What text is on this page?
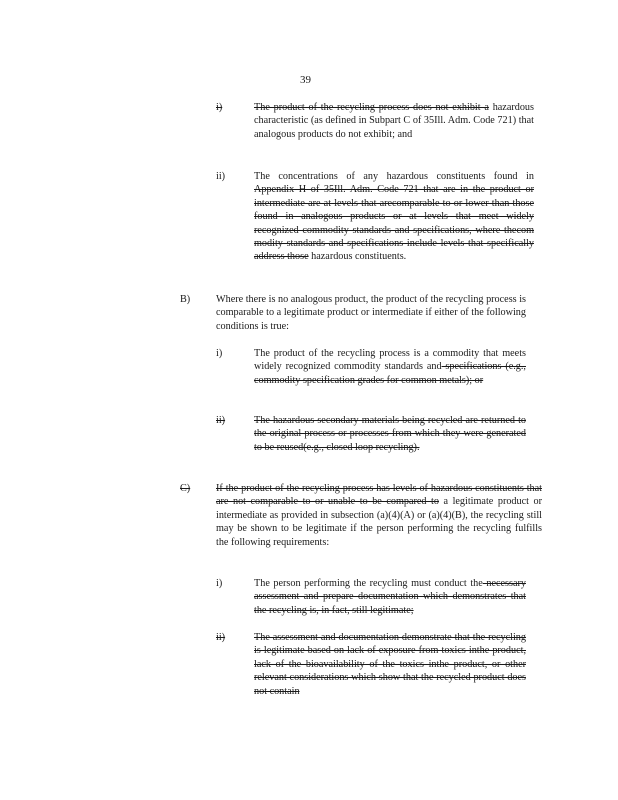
39
i)	The product of the recycling process does not exhibit a hazardous characteristic (as defined in Subpart C of 35Ill. Adm. Code 721) that analogous products do not exhibit; and
ii)	The concentrations of any hazardous constituents found in Appendix H of 35Ill. Adm. Code 721 that are in the product or intermediate are at levels that arecomparable to or lower than those found in analogous products or at levels that meet widely recognized commodity standards and specifications, where thecom modity standards and specifications include levels that specifically address those hazardous constituents.
B)	Where there is no analogous product, the product of the recycling process is comparable to a legitimate product or intermediate if either of the following conditions is true:
i)	The product of the recycling process is a commodity that meets widely recognized commodity standards and specifications (e.g., commodity specification grades for common metals); or
ii)	The hazardous secondary materials being recycled are returned to the original process or processes from which they were generated to be reused(e.g., closed loop recycling).
C)	If the product of the recycling process has levels of hazardous constituents that are not comparable to or unable to be compared to a legitimate product or intermediate as provided in subsection (a)(4)(A) or (a)(4)(B), the recycling still may be shown to be legitimate if the person performing the recycling fulfills the following requirements:
i)	The person performing the recycling must conduct the necessary assessment and prepare documentation which demonstrates that the recycling is, in fact, still legitimate;
ii)	The assessment and documentation demonstrate that the recycling is legitimate based on lack of exposure from toxics inthe product, lack of the bioavailability of the toxics inthe product, or other relevant considerations which show that the recycled product does not contain
